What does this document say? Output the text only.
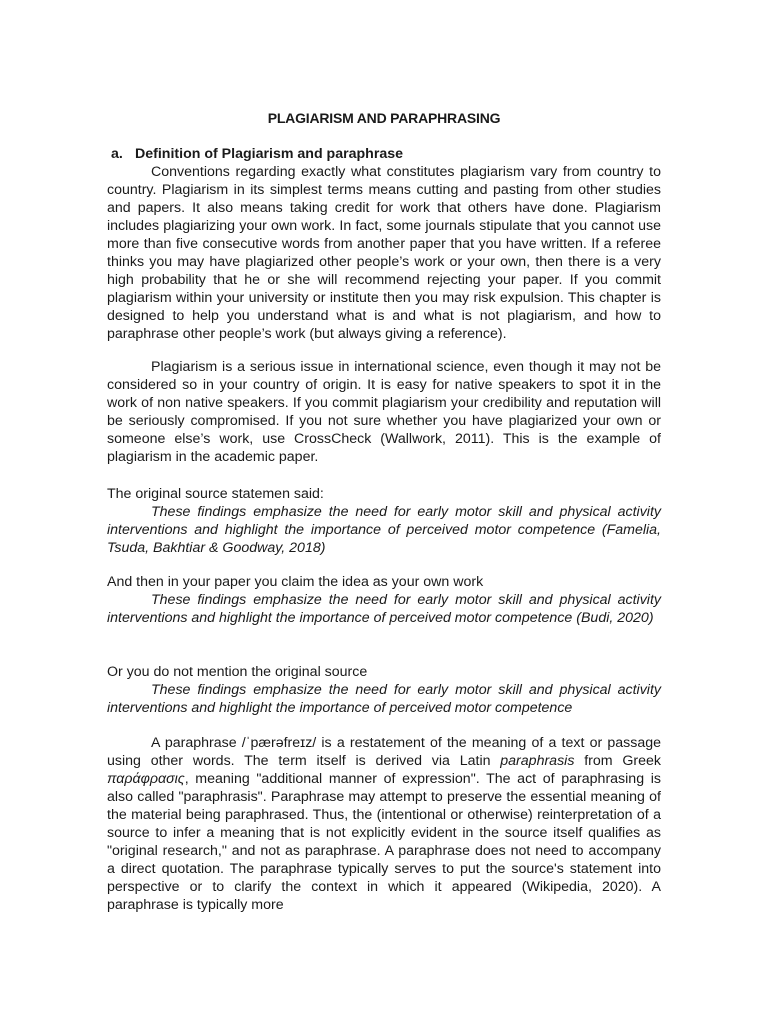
PLAGIARISM AND PARAPHRASING
a. Definition of Plagiarism and paraphrase

Conventions regarding exactly what constitutes plagiarism vary from country to country. Plagiarism in its simplest terms means cutting and pasting from other studies and papers. It also means taking credit for work that others have done. Plagiarism includes plagiarizing your own work. In fact, some journals stipulate that you cannot use more than five consecutive words from another paper that you have written. If a referee thinks you may have plagiarized other people’s work or your own, then there is a very high probability that he or she will recommend rejecting your paper. If you commit plagiarism within your university or institute then you may risk expulsion. This chapter is designed to help you understand what is and what is not plagiarism, and how to paraphrase other people’s work (but always giving a reference).

Plagiarism is a serious issue in international science, even though it may not be considered so in your country of origin. It is easy for native speakers to spot it in the work of non native speakers. If you commit plagiarism your credibility and reputation will be seriously compromised. If you not sure whether you have plagiarized your own or someone else’s work, use CrossCheck (Wallwork, 2011). This is the example of plagiarism in the academic paper.

The original source statemen said:

These findings emphasize the need for early motor skill and physical activity interventions and highlight the importance of perceived motor competence (Famelia, Tsuda, Bakhtiar & Goodway, 2018)

And then in your paper you claim the idea as your own work

These findings emphasize the need for early motor skill and physical activity interventions and highlight the importance of perceived motor competence (Budi, 2020)

Or you do not mention the original source

These findings emphasize the need for early motor skill and physical activity interventions and highlight the importance of perceived motor competence

A paraphrase /ˈpærəfreɪz/ is a restatement of the meaning of a text or passage using other words. The term itself is derived via Latin paraphrasis from Greek παράφρασις, meaning "additional manner of expression". The act of paraphrasing is also called "paraphrasis". Paraphrase may attempt to preserve the essential meaning of the material being paraphrased. Thus, the (intentional or otherwise) reinterpretation of a source to infer a meaning that is not explicitly evident in the source itself qualifies as "original research," and not as paraphrase. A paraphrase does not need to accompany a direct quotation. The paraphrase typically serves to put the source's statement into perspective or to clarify the context in which it appeared (Wikipedia, 2020). A paraphrase is typically more
